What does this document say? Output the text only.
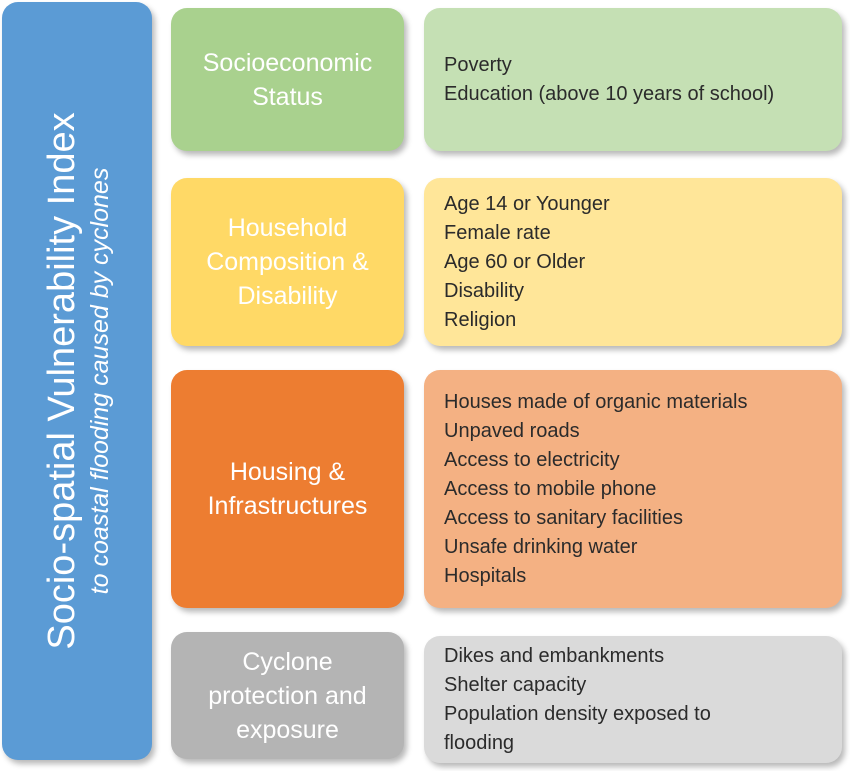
Socio-spatial Vulnerability Index to coastal flooding caused by cyclones
Socioeconomic
Status
Poverty
Education (above 10 years of school)
Household
Composition &
Disability
Age 14 or Younger
Female rate
Age 60 or Older
Disability
Religion
Housing &
Infrastructures
Houses made of organic materials
Unpaved roads
Access to electricity
Access to mobile phone
Access to sanitary facilities
Unsafe drinking water
Hospitals
Cyclone
protection and
exposure
Dikes and embankments
Shelter capacity
Population density exposed to
flooding
